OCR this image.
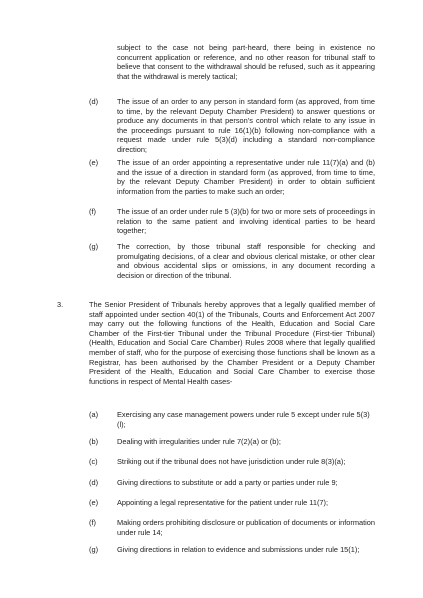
subject to the case not being part-heard, there being in existence no concurrent application or reference, and no other reason for tribunal staff to believe that consent to the withdrawal should be refused, such as it appearing that the withdrawal is merely tactical;
(d)	The issue of an order to any person in standard form (as approved, from time to time, by the relevant Deputy Chamber President) to answer questions or produce any documents in that person's control which relate to any issue in the proceedings pursuant to rule 16(1)(b) following non-compliance with a request made under rule 5(3)(d) including a standard non-compliance direction;
(e)	The issue of an order appointing a representative under rule 11(7)(a) and (b) and the issue of a direction in standard form (as approved, from time to time, by the relevant Deputy Chamber President) in order to obtain sufficient information from the parties to make such an order;
(f)	The issue of an order under rule 5 (3)(b) for two or more sets of proceedings in relation to the same patient and involving identical parties to be heard together;
(g)	The correction, by those tribunal staff responsible for checking and promulgating decisions, of a clear and obvious clerical mistake, or other clear and obvious accidental slips or omissions, in any document recording a decision or direction of the tribunal.
3.	The Senior President of Tribunals hereby approves that a legally qualified member of staff appointed under section 40(1) of the Tribunals, Courts and Enforcement Act 2007 may carry out the following functions of the Health, Education and Social Care Chamber of the First-tier Tribunal under the Tribunal Procedure (First-tier Tribunal) (Health, Education and Social Care Chamber) Rules 2008 where that legally qualified member of staff, who for the purpose of exercising those functions shall be known as a Registrar, has been authorised by the Chamber President or a Deputy Chamber President of the Health, Education and Social Care Chamber to exercise those functions in respect of Mental Health cases-
(a)	Exercising any case management powers under rule 5 except under rule 5(3)(l);
(b)	Dealing with irregularities under rule 7(2)(a) or (b);
(c)	Striking out if the tribunal does not have jurisdiction under rule 8(3)(a);
(d)	Giving directions to substitute or add a party or parties under rule 9;
(e)	Appointing a legal representative for the patient under rule 11(7);
(f)	Making orders prohibiting disclosure or publication of documents or information under rule 14;
(g)	Giving directions in relation to evidence and submissions under rule 15(1);
